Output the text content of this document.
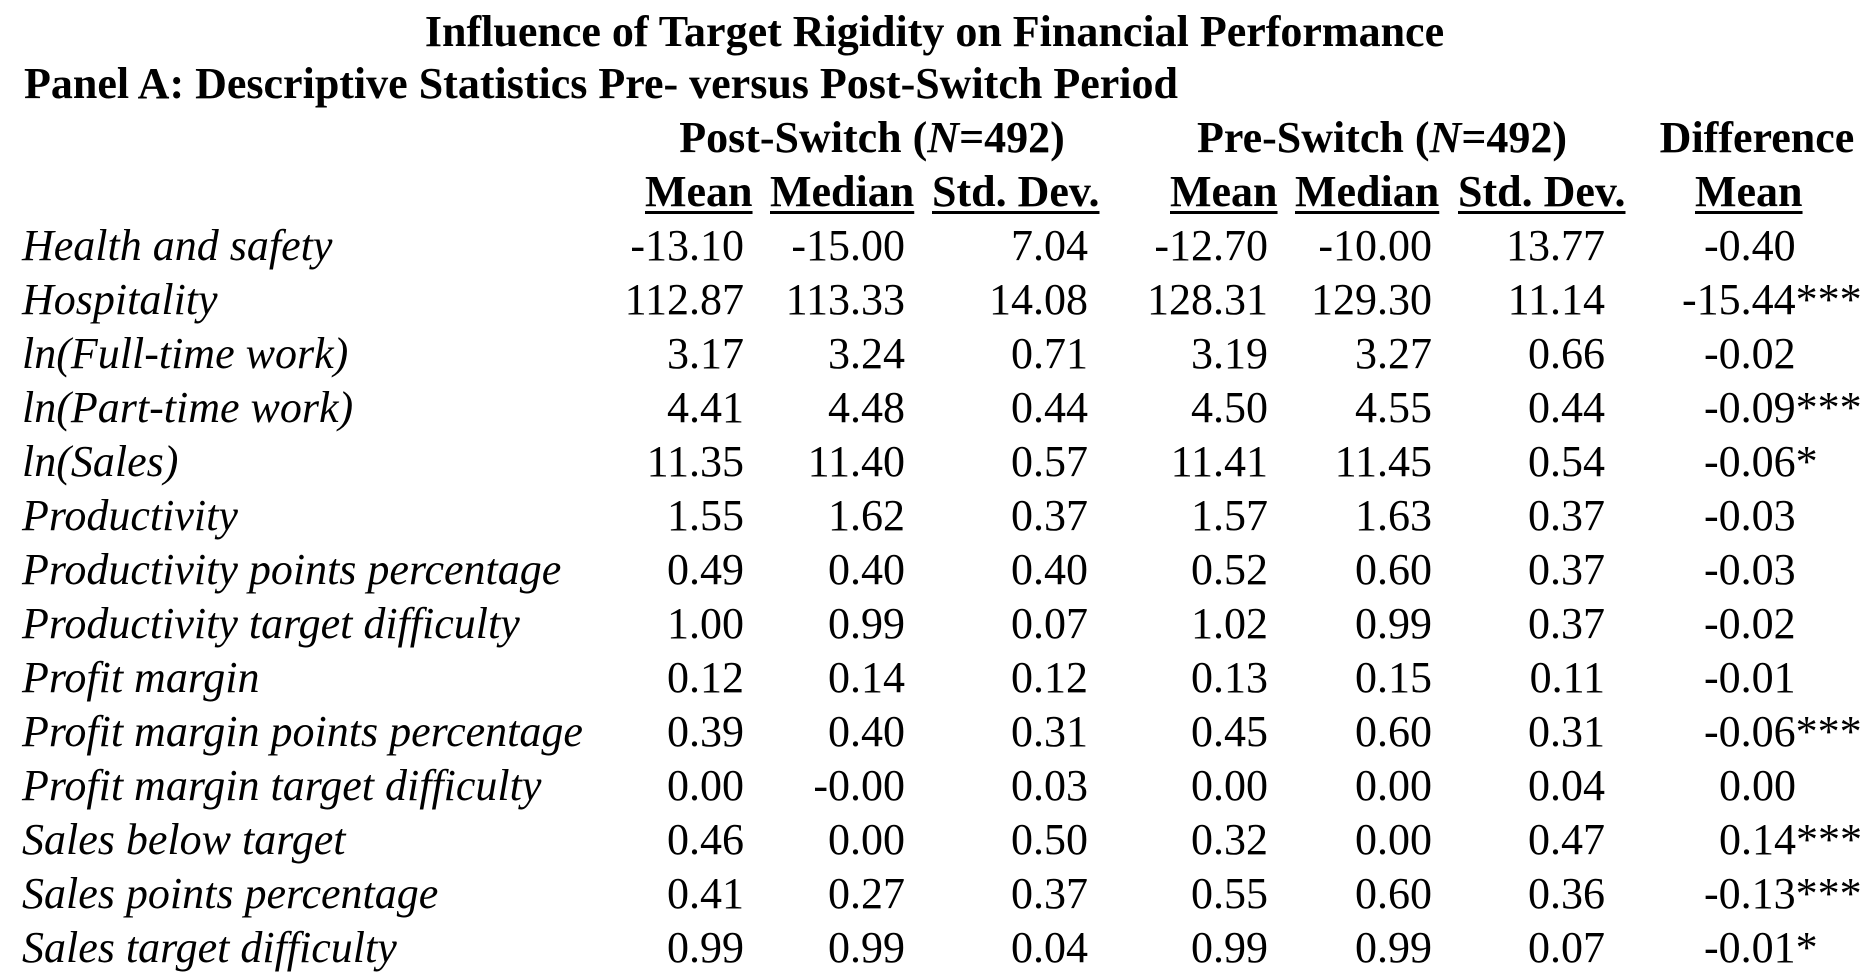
Influence of Target Rigidity on Financial Performance
Panel A: Descriptive Statistics Pre- versus Post-Switch Period
Post-Switch (N=492)	Pre-Switch (N=492)	Difference
Mean Median Std. Dev. Mean Median Std. Dev. Mean
Health and safety	-13.10 -15.00 7.04 -12.70 -10.00 13.77 -0.40
Hospitality	112.87 113.33 14.08 128.31 129.30 11.14 -15.44***
ln(Full-time work)	3.17 3.24 0.71 3.19 3.27 0.66 -0.02
ln(Part-time work)	4.41 4.48 0.44 4.50 4.55 0.44 -0.09***
ln(Sales)	11.35 11.40 0.57 11.41 11.45 0.54 -0.06*
Productivity	1.55 1.62 0.37 1.57 1.63 0.37 -0.03
Productivity points percentage 0.49 0.40 0.40 0.52 0.60 0.37 -0.03
Productivity target difficulty	1.00 0.99 0.07 1.02 0.99 0.37 -0.02
Profit margin	0.12 0.14 0.12 0.13 0.15 0.11 -0.01
Profit margin points percentage 0.39 0.40 0.31 0.45 0.60 0.31 -0.06***
Profit margin target difficulty	0.00 -0.00 0.03 0.00 0.00 0.04	0.00
Sales below target	0.46 0.00 0.50 0.32 0.00 0.47	0.14***
Sales points percentage	0.41 0.27 0.37 0.55 0.60 0.36 -0.13***
Sales target difficulty	0.99 0.99 0.04 0.99 0.99 0.07 -0.01*
